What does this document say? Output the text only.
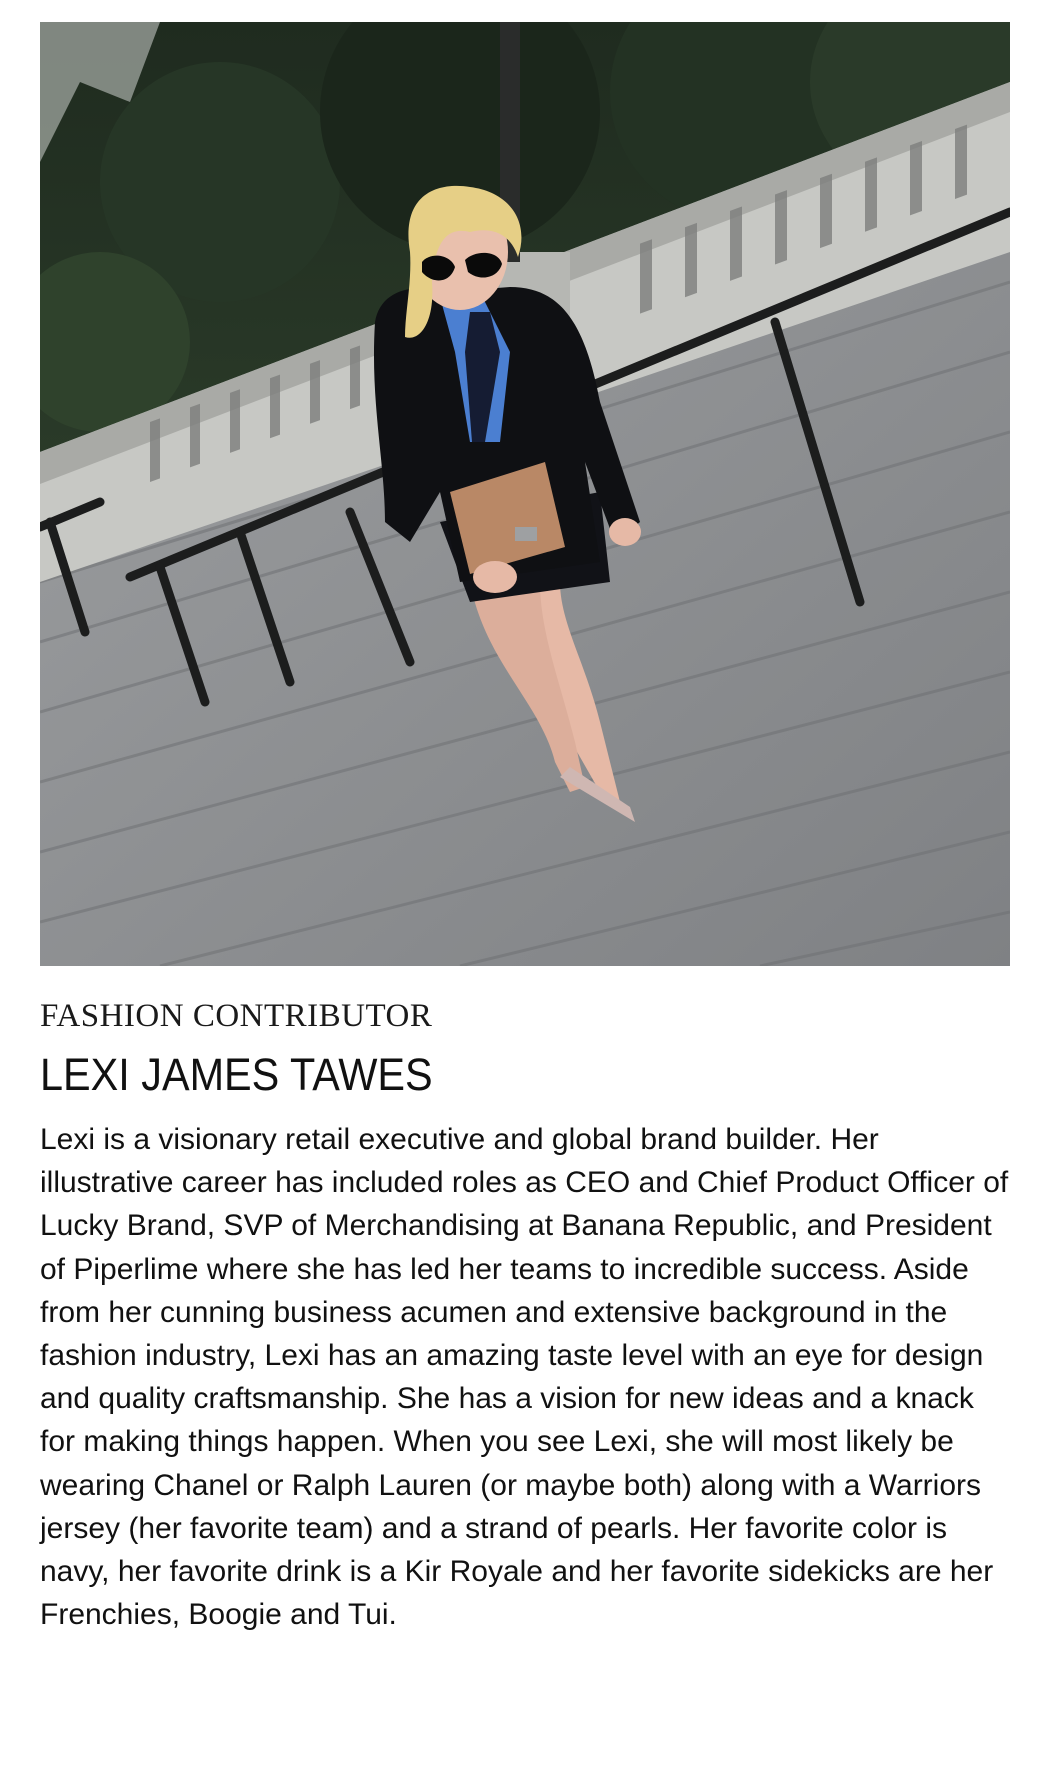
FASHION CONTRIBUTOR
LEXI JAMES TAWES
Lexi is a visionary retail executive and global brand builder. Her illustrative career has included roles as CEO and Chief Product Officer of Lucky Brand, SVP of Merchandising at Banana Republic, and President of Piperlime where she has led her teams to incredible success. Aside from her cunning business acumen and extensive background in the fashion industry, Lexi has an amazing taste level with an eye for design and quality craftsmanship. She has a vision for new ideas and a knack for making things happen. When you see Lexi, she will most likely be wearing Chanel or Ralph Lauren (or maybe both) along with a Warriors jersey (her favorite team) and a strand of pearls. Her favorite color is navy, her favorite drink is a Kir Royale and her favorite sidekicks are her Frenchies, Boogie and Tui.
